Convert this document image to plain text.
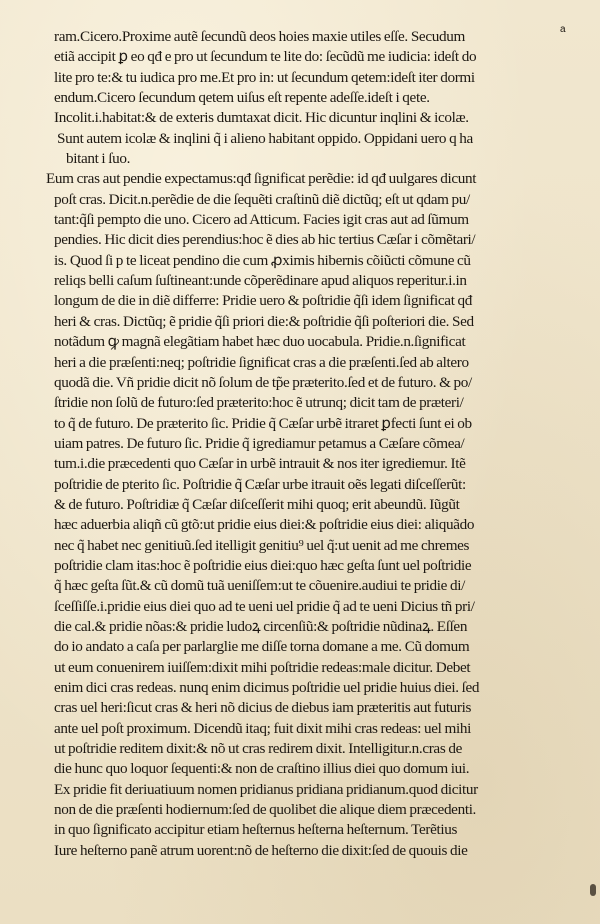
ram.Cicero.Proxime autẽ ſecundũ deos hoies maxie utiles eſſe. Secudum
etiã accipit ꝑ eo qđ e pro ut ſecundum te lite do: ſecũdũ me iudicia: ideſt do
lite pro te:& tu iudica pro me.Et pro in: ut ſecundum qetem:ideſt iter dormi
endum.Cicero ſecundum qetem uiſus eſt repente adeſſe.ideſt i qete.
Incolit.i.habitat:& de exteris dumtaxat dicit. Hic dicuntur inqlini & icolæ.
Sunt autem icolæ & inqlini q̃ i alieno habitant oppido. Oppidani uero q ha
bitant i ſuo.
Eum cras aut pendie expectamus:qđ ſignificat perẽdie: id qđ uulgares dicunt
poſt cras. Dicit.n.perẽdie de die ſequẽti craſtinũ diẽ dictũq; eſt ut qdam pu/
tant:q̃ſi pempto die uno. Cicero ad Atticum. Facies igit cras aut ad ſũmum
pendies. Hic dicit dies perendius:hoc ẽ dies ab hic tertius Cæſar i cõmẽtari/
is. Quod ſi p te liceat pendino die cum ꝓximis hibernis cõiũcti cõmune cũ
reliqs belli caſum ſuſtineant:unde cõperẽdinare apud aliquos reperitur.i.in
longum de die in diẽ differre: Pridie uero & poſtridie q̃ſi idem ſignificat qđ
heri & cras. Dictũq; ẽ pridie q̃ſi priori die:& poſtridie q̃ſi poſteriori die. Sed
notãdum ꝙ magnã elegãtiam habet hæc duo uocabula. Pridie.n.ſignificat
heri a die præſenti:neq; poſtridie ſignificat cras a die præſenti.ſed ab altero
quodã die. Vñ pridie dicit nõ ſolum de tp̃e præterito.ſed et de futuro. & po/
ſtridie non ſolũ de futuro:ſed præterito:hoc ẽ utrunq; dicit tam de præteri/
to q̃ de futuro. De præterito ſic. Pridie q̃ Cæſar urbẽ itraret ꝑfecti ſunt ei ob
uiam patres. De futuro ſic. Pridie q̃ igrediamur petamus a Cæſare cõmea/
tum.i.die præcedenti quo Cæſar in urbẽ intrauit & nos iter igrediemur. Itẽ
poſtridie de pterito ſic. Poſtridie q̃ Cæſar urbe itrauit oẽs legati diſceſſerũt:
& de futuro. Poſtridiæ q̃ Cæſar diſceſſerit mihi quoq; erit abeundũ. Iũgũt
hæc aduerbia aliqñ cũ gtõ:ut pridie eius diei:& poſtridie eius diei: aliquãdo
nec q̃ habet nec genitiuũ.ſed itelligit genitiu⁹ uel q̃:ut uenit ad me chremes
poſtridie clam itas:hoc ẽ poſtridie eius diei:quo hæc geſta ſunt uel poſtridie
q̃ hæc geſta ſũt.& cũ domũ tuã ueniſſem:ut te cõuenire.audiui te pridie di/
ſceſſiſſe.i.pridie eius diei quo ad te ueni uel pridie q̃ ad te ueni Dicius tñ pri/
die cal.& pridie nõas:& pridie ludoꝝ circenſiũ:& poſtridie nũdinaꝝ. Eſſen
do io andato a caſa per parlarglie me diſſe torna domane a me. Cũ domum
ut eum conuenirem iuiſſem:dixit mihi poſtridie redeas:male dicitur. Debet
enim dici cras redeas. nunq enim dicimus poſtridie uel pridie huius diei. ſed
cras uel heri:ſicut cras & heri nõ dicius de diebus iam præteritis aut futuris
ante uel poſt proximum. Dicendũ itaq; fuit dixit mihi cras redeas: uel mihi
ut poſtridie reditem dixit:& nõ ut cras redirem dixit. Intelligitur.n.cras de
die hunc quo loquor ſequenti:& non de craſtino illius diei quo domum iui.
Ex pridie fit deriuatiuum nomen pridianus pridiana pridianum.quod dicitur
non de die præſenti hodiernum:ſed de quolibet die alique diem præcedenti.
in quo ſignificato accipitur etiam heſternus heſterna heſternum. Terẽtius
Iure heſterno panẽ atrum uorent:nõ de heſterno die dixit:ſed de quouis die
a
